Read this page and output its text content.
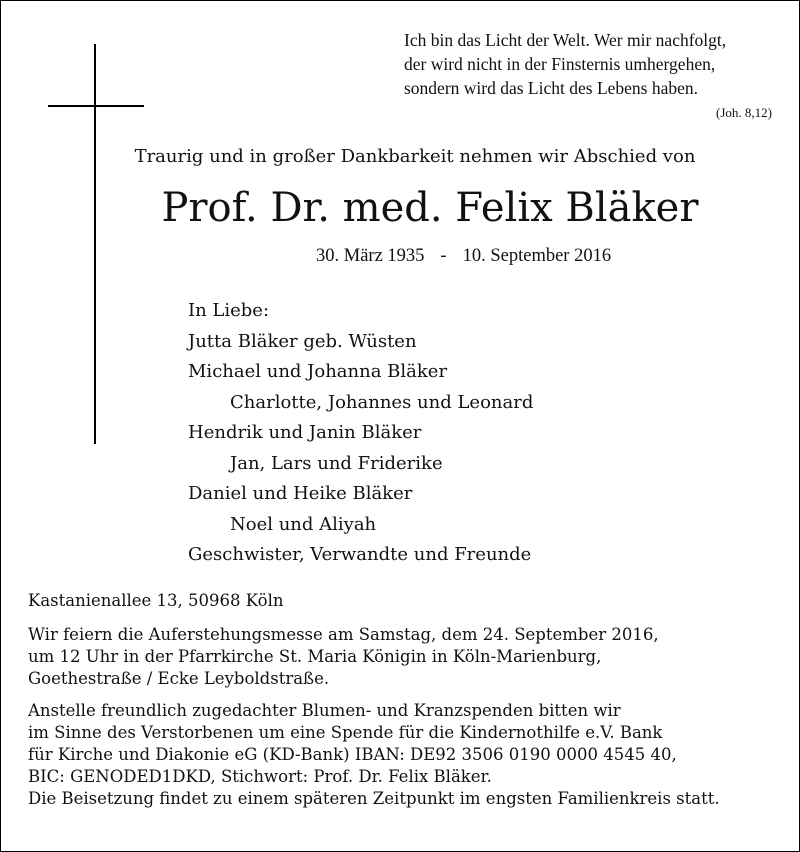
Ich bin das Licht der Welt. Wer mir nachfolgt,
der wird nicht in der Finsternis umhergehen,
sondern wird das Licht des Lebens haben.
(Joh. 8,12)
Traurig und in großer Dankbarkeit nehmen wir Abschied von
Prof. Dr. med. Felix Bläker
30. März 1935 - 10. September 2016
In Liebe:
Jutta Bläker geb. Wüsten
Michael und Johanna Bläker
Charlotte, Johannes und Leonard
Hendrik und Janin Bläker
Jan, Lars und Friderike
Daniel und Heike Bläker
Noel und Aliyah
Geschwister, Verwandte und Freunde
Kastanienallee 13, 50968 Köln
Wir feiern die Auferstehungsmesse am Samstag, dem 24. September 2016,
um 12 Uhr in der Pfarrkirche St. Maria Königin in Köln-Marienburg,
Goethestraße / Ecke Leyboldstraße.
Anstelle freundlich zugedachter Blumen- und Kranzspenden bitten wir
im Sinne des Verstorbenen um eine Spende für die Kindernothilfe e.V. Bank
für Kirche und Diakonie eG (KD-Bank) IBAN: DE92 3506 0190 0000 4545 40,
BIC: GENODED1DKD, Stichwort: Prof. Dr. Felix Bläker.
Die Beisetzung findet zu einem späteren Zeitpunkt im engsten Familienkreis statt.
